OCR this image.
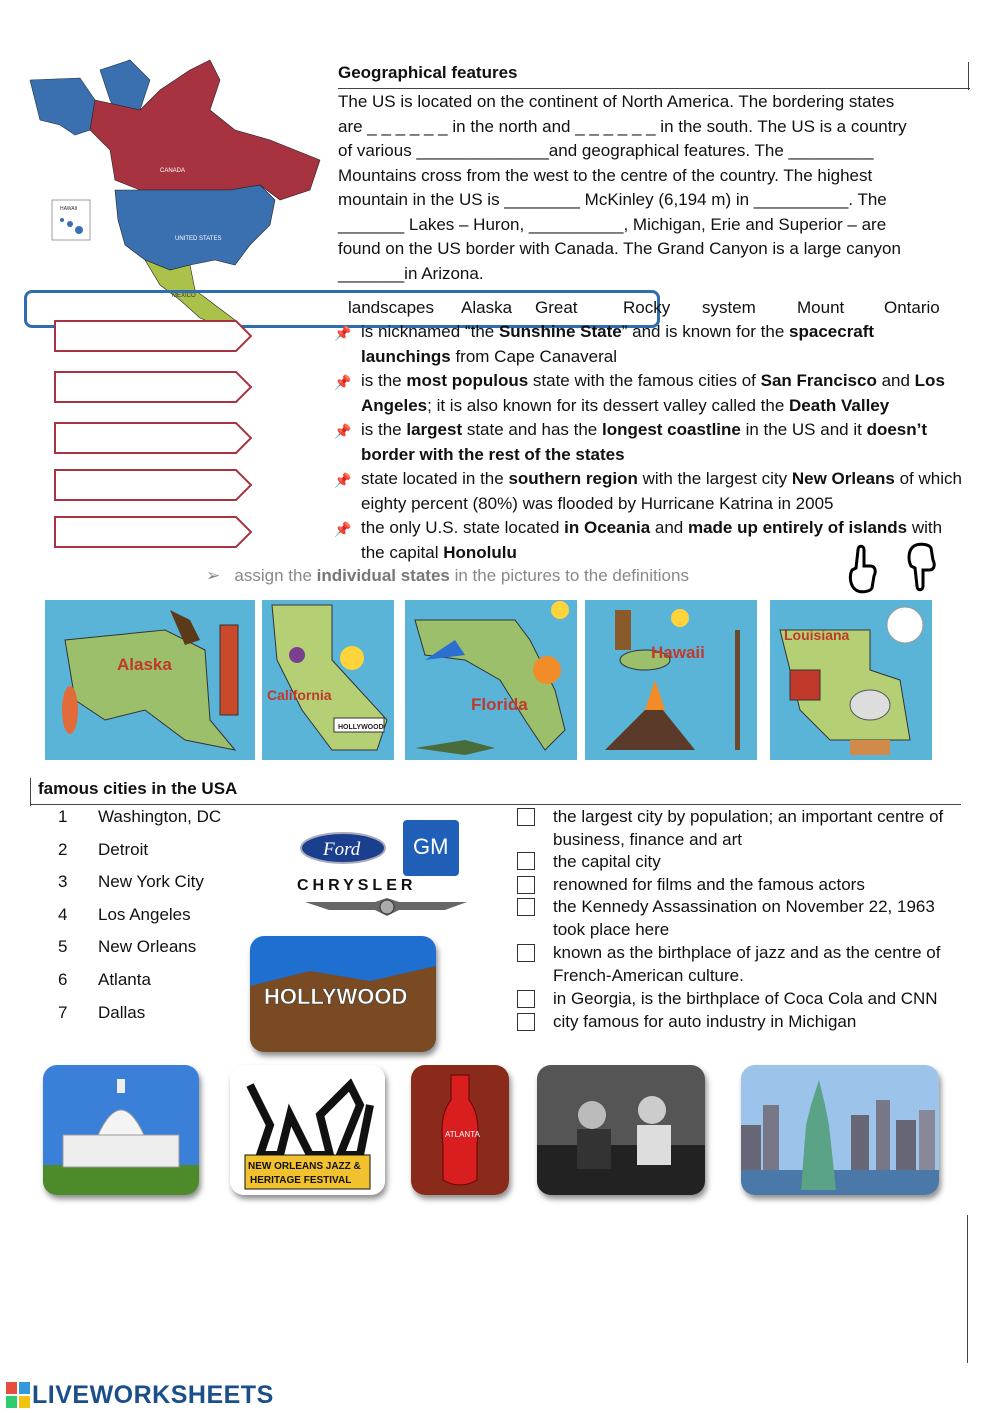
CANADA
UNITED STATES
MEXICO
HAWAII
Geographical features
The US is located on the continent of North America. The bordering states
are _ _ _ _ _ _ in the north and _ _ _ _ _ _ in the south. The US is a country
of various ______________and geographical features. The _________
Mountains cross from the west to the centre of the country. The highest
mountain in the US is ________ McKinley (6,194 m) in __________. The
_______ Lakes – Huron, __________, Michigan, Erie and Superior – are
found on the US border with Canada. The Grand Canyon is a large canyon
_______in Arizona.
landscapes Alaska Great	Rocky system Mount Ontario
📌 is nicknamed “the Sunshine State” and is known for the spacecraft launchings from Cape Canaveral
📌 is the most populous state with the famous cities of San Francisco and Los Angeles; it is also known for its dessert valley called the Death Valley
📌 is the largest state and has the longest coastline in the US and it doesn’t border with the rest of the states
📌 state located in the southern region with the largest city New Orleans of which eighty percent (80%) was flooded by Hurricane Katrina in 2005
📌 the only U.S. state located in Oceania and made up entirely of islands with the capital Honolulu
➢ assign the individual states in the pictures to the definitions
Alaska
HOLLYWOOD
California	Florida
Hawaii
Louisiana
famous cities in the USA
1 Washington, DC
2 Detroit
3 New York City
4 Los Angeles
5 New Orleans
6 Atlanta
7 Dallas
Ford GM
CHRYSLER
HOLLYWOOD
the largest city by population; an important centre of business, finance and art
the capital city
renowned for films and the famous actors
the Kennedy Assassination on November 22, 1963 took place here
known as the birthplace of jazz and as the centre of French‑American culture.
in Georgia, is the birthplace of Coca Cola and CNN
city famous for auto industry in Michigan
NEW ORLEANS JAZZ &
HERITAGE FESTIVAL
ATLANTA
LIVEWORKSHEETS
